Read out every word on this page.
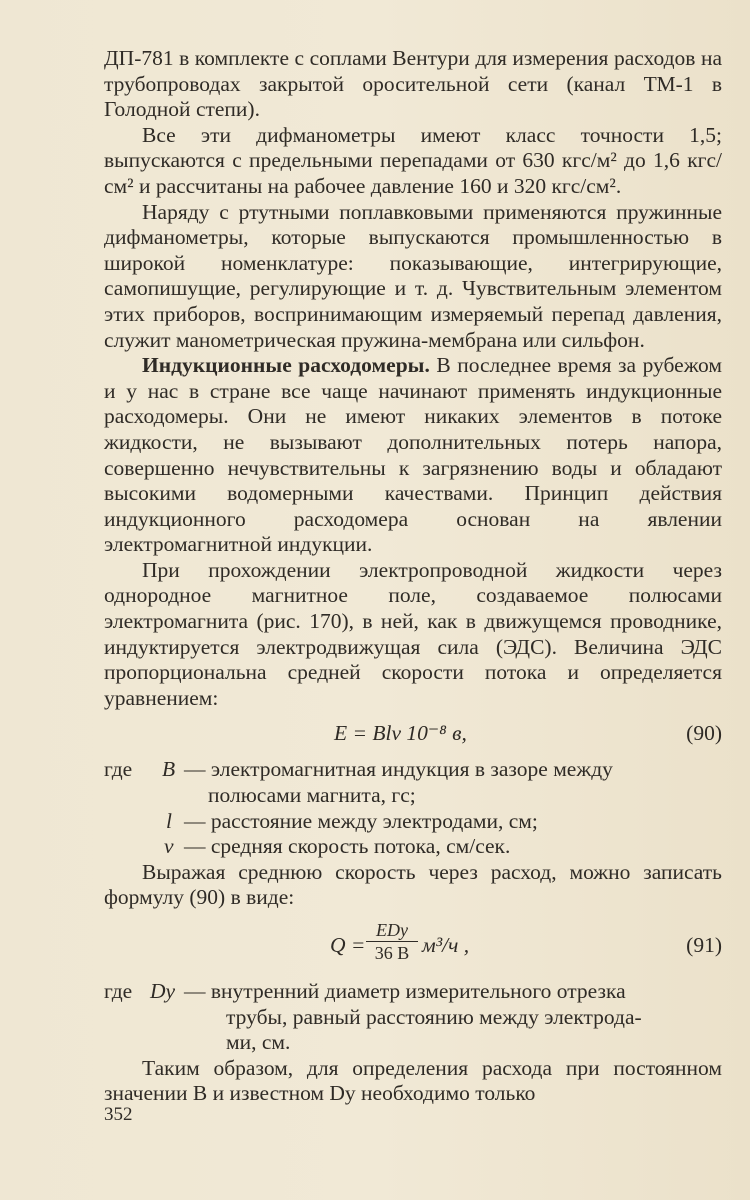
ДП-781 в комплекте с соплами Вентури для измерения расходов на трубопроводах закрытой оросительной сети (канал ТМ-1 в Голодной степи).

Все эти дифманометры имеют класс точности 1,5; выпускаются с предельными перепадами от 630 кгс/м² до 1,6 кгс/см² и рассчитаны на рабочее давление 160 и 320 кгс/см².

Наряду с ртутными поплавковыми применяются пружинные дифманометры, которые выпускаются промышленностью в широкой номенклатуре: показывающие, интегрирующие, самопишущие, регулирующие и т. д. Чувствительным элементом этих приборов, воспринимающим измеряемый перепад давления, служит манометрическая пружина-мембрана или сильфон.

Индукционные расходомеры. В последнее время за рубежом и у нас в стране все чаще начинают применять индукционные расходомеры. Они не имеют никаких элементов в потоке жидкости, не вызывают дополнительных потерь напора, совершенно нечувствительны к загрязнению воды и обладают высокими водомерными качествами. Принцип действия индукционного расходомера основан на явлении электромагнитной индукции.

При прохождении электропроводной жидкости через однородное магнитное поле, создаваемое полюсами электромагнита (рис. 170), в ней, как в движущемся проводнике, индуктируется электродвижущая сила (ЭДС). Величина ЭДС пропорциональна средней скорости потока и определяется уравнением:

E = Blv 10⁻⁸ в,	(90)
где B — электромагнитная индукция в зазоре между
полюсами магнита, гс;
l — расстояние между электродами, см;
v — средняя скорость потока, см/сек.

Выражая среднюю скорость через расход, можно записать формулу (90) в виде:

Q =
EDу
36 B м³/ч ,	(91)
где Dу — внутренний диаметр измерительного отрезка
трубы, равный расстоянию между электрода-
ми, см.

Таким образом, для определения расхода при постоянном значении B и известном Dу необходимо только

352
